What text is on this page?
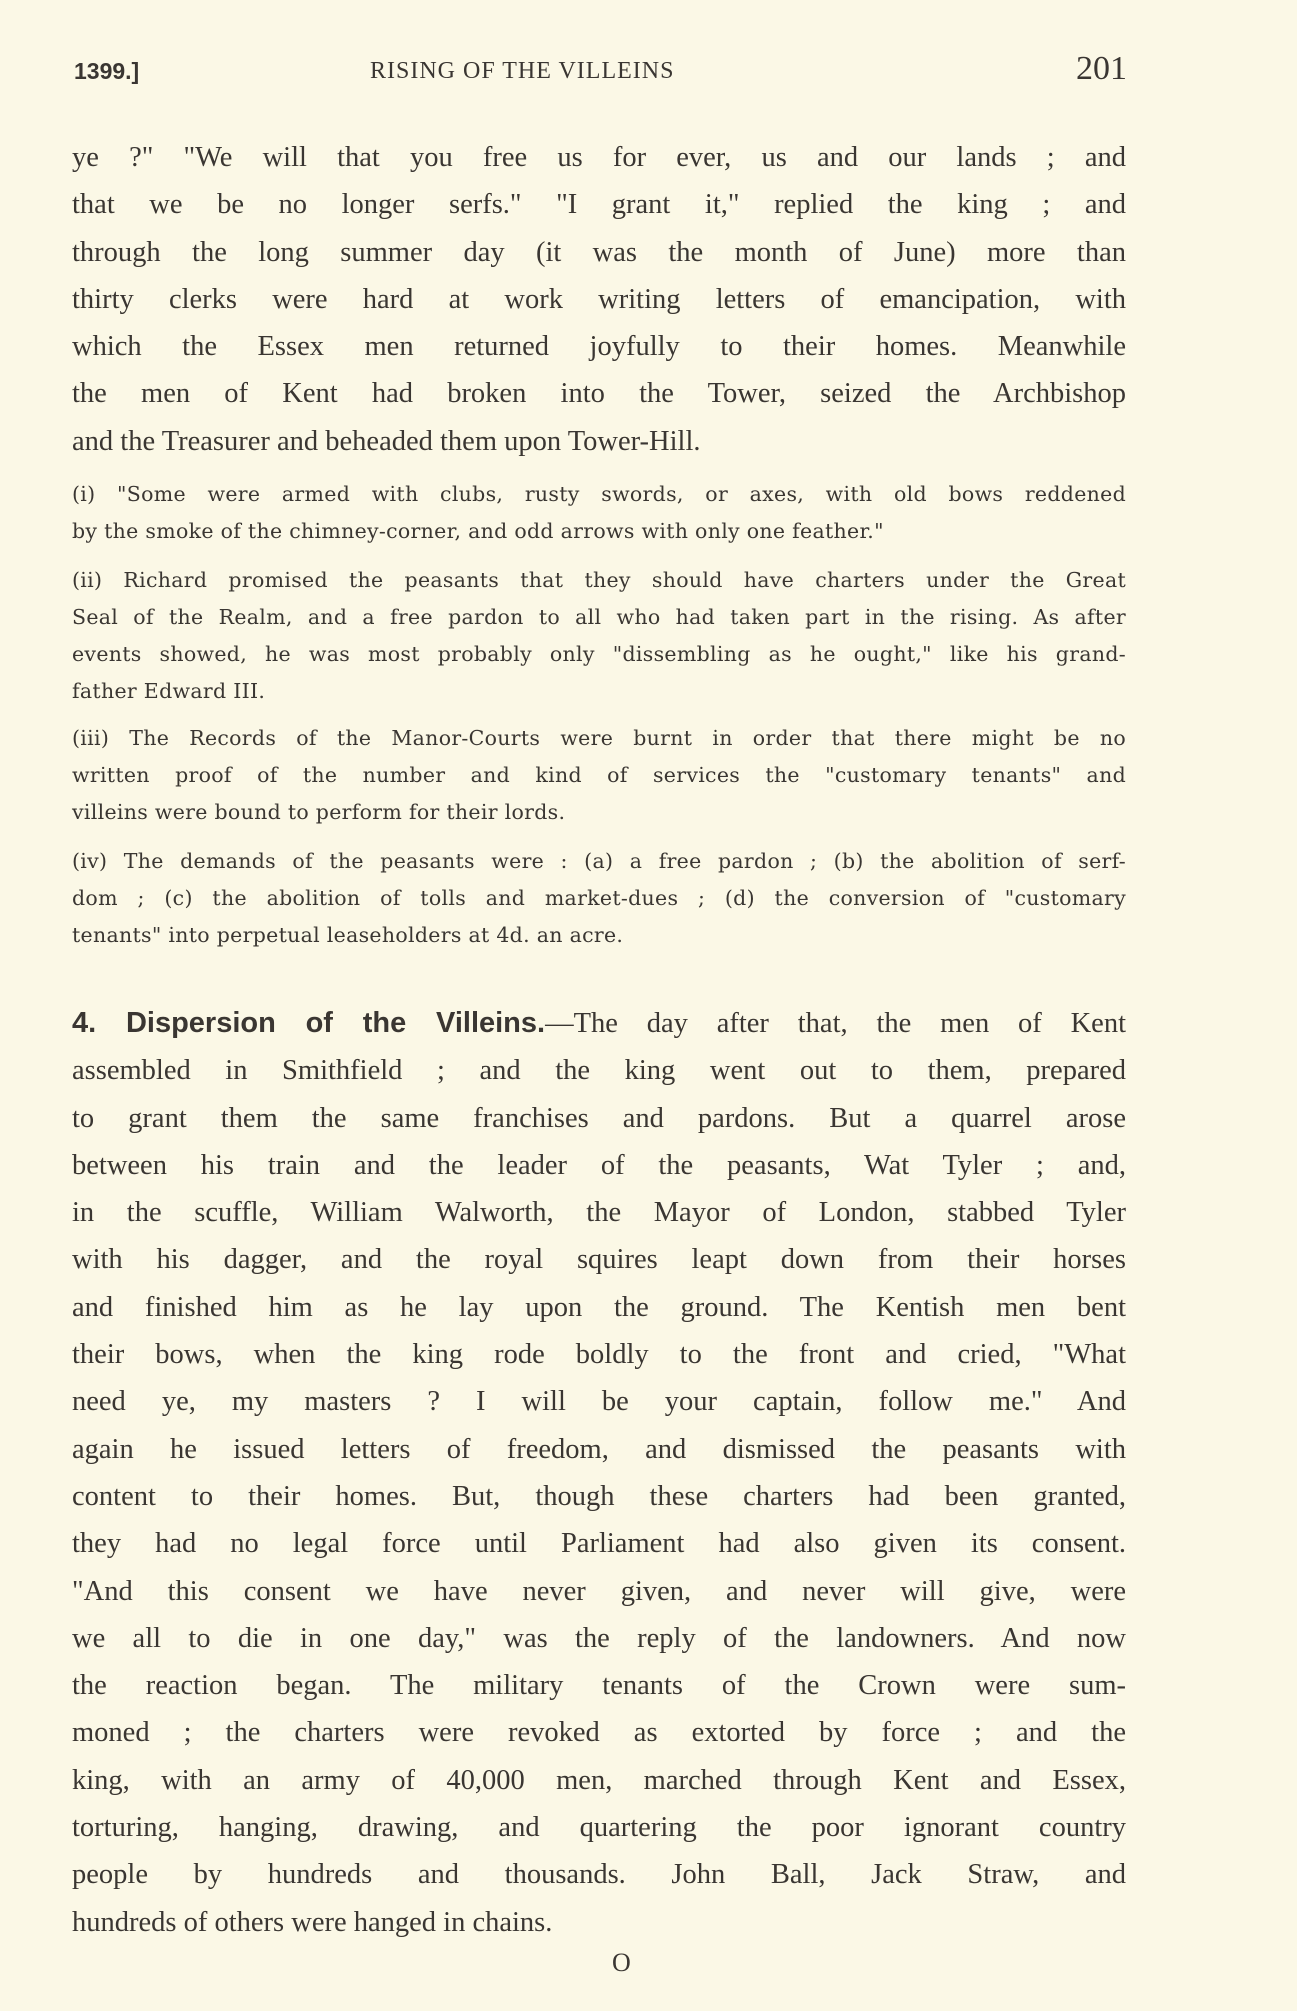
1399.]	RISING OF THE VILLEINS	201
ye ?" "We will that you free us for ever, us and our lands ; and
that we be no longer serfs." "I grant it," replied the king ; and
through the long summer day (it was the month of June) more than
thirty clerks were hard at work writing letters of emancipation, with
which the Essex men returned joyfully to their homes. Meanwhile
the men of Kent had broken into the Tower, seized the Archbishop
and the Treasurer and beheaded them upon Tower-Hill.
(i) "Some were armed with clubs, rusty swords, or axes, with old bows reddened
by the smoke of the chimney-corner, and odd arrows with only one feather."
(ii) Richard promised the peasants that they should have charters under the Great
Seal of the Realm, and a free pardon to all who had taken part in the rising. As after
events showed, he was most probably only "dissembling as he ought," like his grand-
father Edward III.
(iii) The Records of the Manor-Courts were burnt in order that there might be no
written proof of the number and kind of services the "customary tenants" and
villeins were bound to perform for their lords.
(iv) The demands of the peasants were : (a) a free pardon ; (b) the abolition of serf-
dom ; (c) the abolition of tolls and market-dues ; (d) the conversion of "customary
tenants" into perpetual leaseholders at 4d. an acre.
4. Dispersion of the Villeins.—The day after that, the men of Kent
assembled in Smithfield ; and the king went out to them, prepared
to grant them the same franchises and pardons. But a quarrel arose
between his train and the leader of the peasants, Wat Tyler ; and,
in the scuffle, William Walworth, the Mayor of London, stabbed Tyler
with his dagger, and the royal squires leapt down from their horses
and finished him as he lay upon the ground. The Kentish men bent
their bows, when the king rode boldly to the front and cried, "What
need ye, my masters ? I will be your captain, follow me." And
again he issued letters of freedom, and dismissed the peasants with
content to their homes. But, though these charters had been granted,
they had no legal force until Parliament had also given its consent.
"And this consent we have never given, and never will give, were
we all to die in one day," was the reply of the landowners. And now
the reaction began. The military tenants of the Crown were sum-
moned ; the charters were revoked as extorted by force ; and the
king, with an army of 40,000 men, marched through Kent and Essex,
torturing, hanging, drawing, and quartering the poor ignorant country
people by hundreds and thousands. John Ball, Jack Straw, and
hundreds of others were hanged in chains.
O
